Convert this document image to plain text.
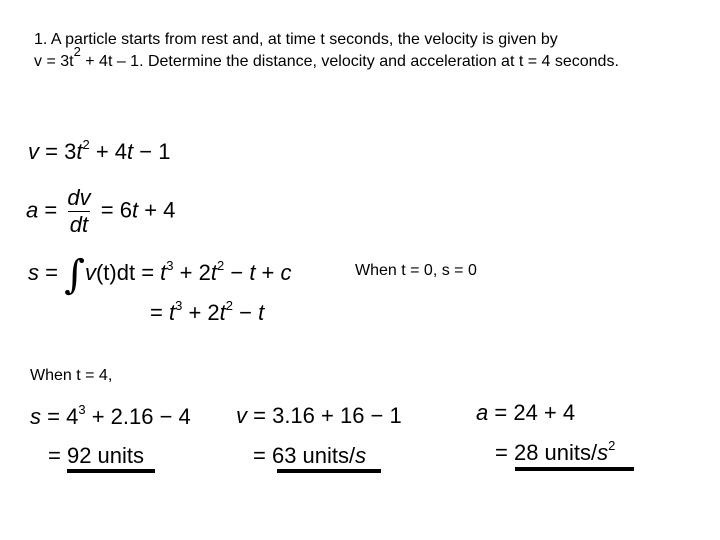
1. A particle starts from rest and, at time t seconds, the velocity is given by
$v = 3t^2 + 4t - 1$. Determine the distance, velocity and acceleration at t = 4 seconds.
$v = 3t^2 + 4t - 1$
$a = \frac{dv}{dt} = 6t + 4$
$s = \int v(t)dt = t^3 + 2t^2 - t + c$
= $t^3 + 2t^2 - t$
When t = 0, s = 0
When t = 4,
$s = 4^3 + 2.16 - 4$
= 92 units
v = 3.16 + 16 − 1
= 63 units/s
a = 24 + 4
= 28 units/$s^2$
